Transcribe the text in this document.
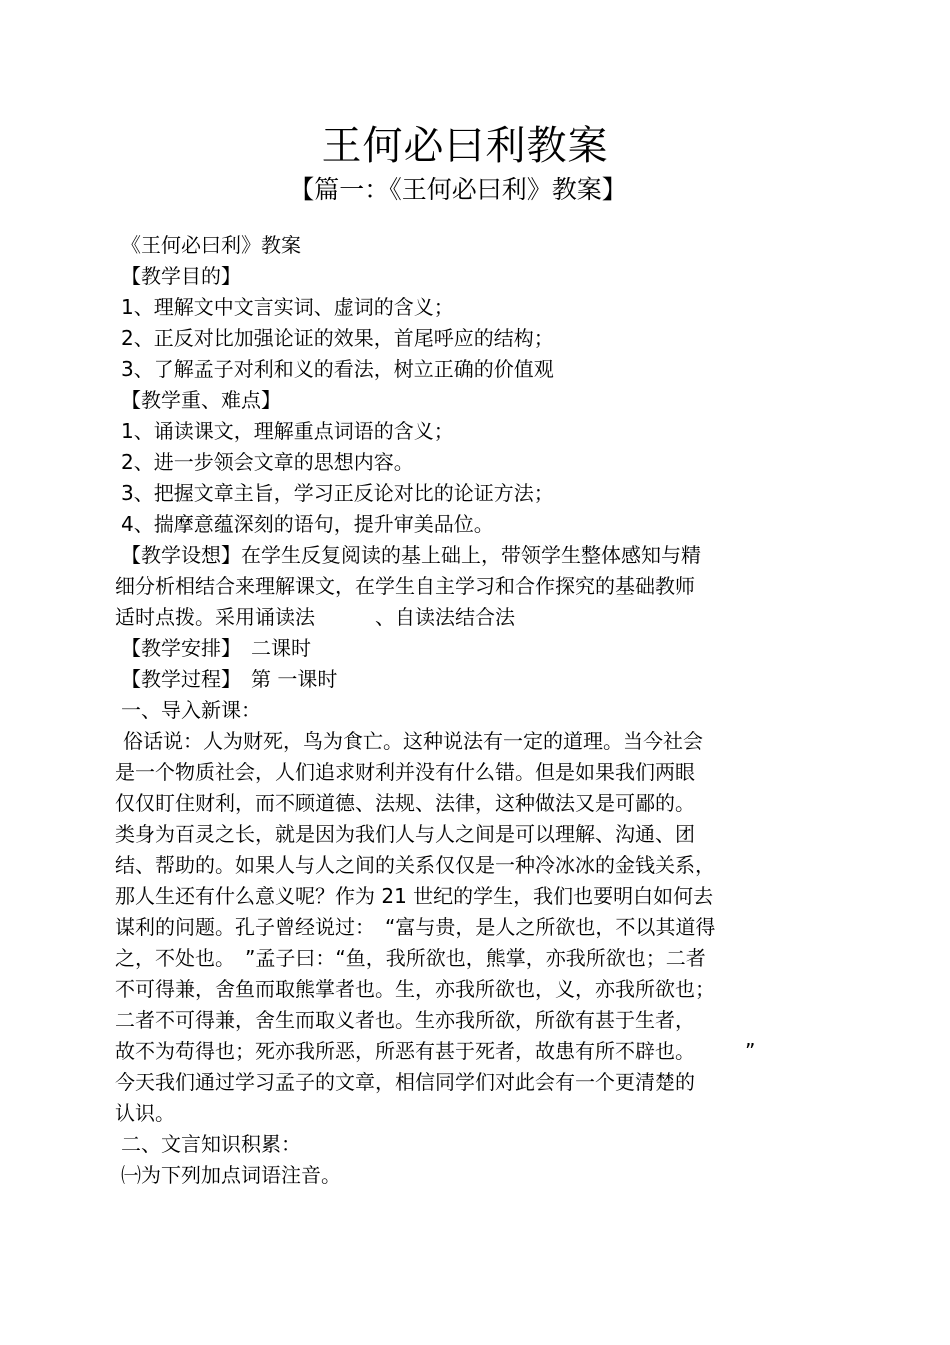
王何必曰利教案
【篇一：《王何必曰利》教案】
《王何必曰利》教案
【教学目的】
1、理解文中文言实词、虚词的含义；
2、正反对比加强论证的效果，首尾呼应的结构；
3、了解孟子对利和义的看法，树立正确的价值观
【教学重、难点】
1、诵读课文，理解重点词语的含义；
2、进一步领会文章的思想内容。
3、把握文章主旨，学习正反论对比的论证方法；
4、揣摩意蕴深刻的语句，提升审美品位。
【教学设想】在学生反复阅读的基上础上，带领学生整体感知与精
细分析相结合来理解课文，在学生自主学习和合作探究的基础教师
适时点拨。采用诵读法　　　、自读法结合法
【教学安排】　二课时
【教学过程】　第 一课时
一、导入新课：
俗话说：人为财死，鸟为食亡。这种说法有一定的道理。当今社会
是一个物质社会，人们追求财利并没有什么错。但是如果我们两眼
仅仅盯住财利，而不顾道德、法规、法律，这种做法又是可鄙的。
类身为百灵之长，就是因为我们人与人之间是可以理解、沟通、团
结、帮助的。如果人与人之间的关系仅仅是一种冷冰冰的金钱关系，
那人生还有什么意义呢？作为 21 世纪的学生，我们也要明白如何去
谋利的问题。孔子曾经说过：　“富与贵，是人之所欲也，不以其道得
之，不处也。　”孟子曰：“鱼，我所欲也，熊掌，亦我所欲也；二者
不可得兼，舍鱼而取熊掌者也。生，亦我所欲也，义，亦我所欲也；
二者不可得兼，舍生而取义者也。生亦我所欲，所欲有甚于生者，
故不为苟得也；死亦我所恶，所恶有甚于死者，故患有所不辟也。　　　”
今天我们通过学习孟子的文章，相信同学们对此会有一个更清楚的
认识。
二、文言知识积累：
㈠为下列加点词语注音。
